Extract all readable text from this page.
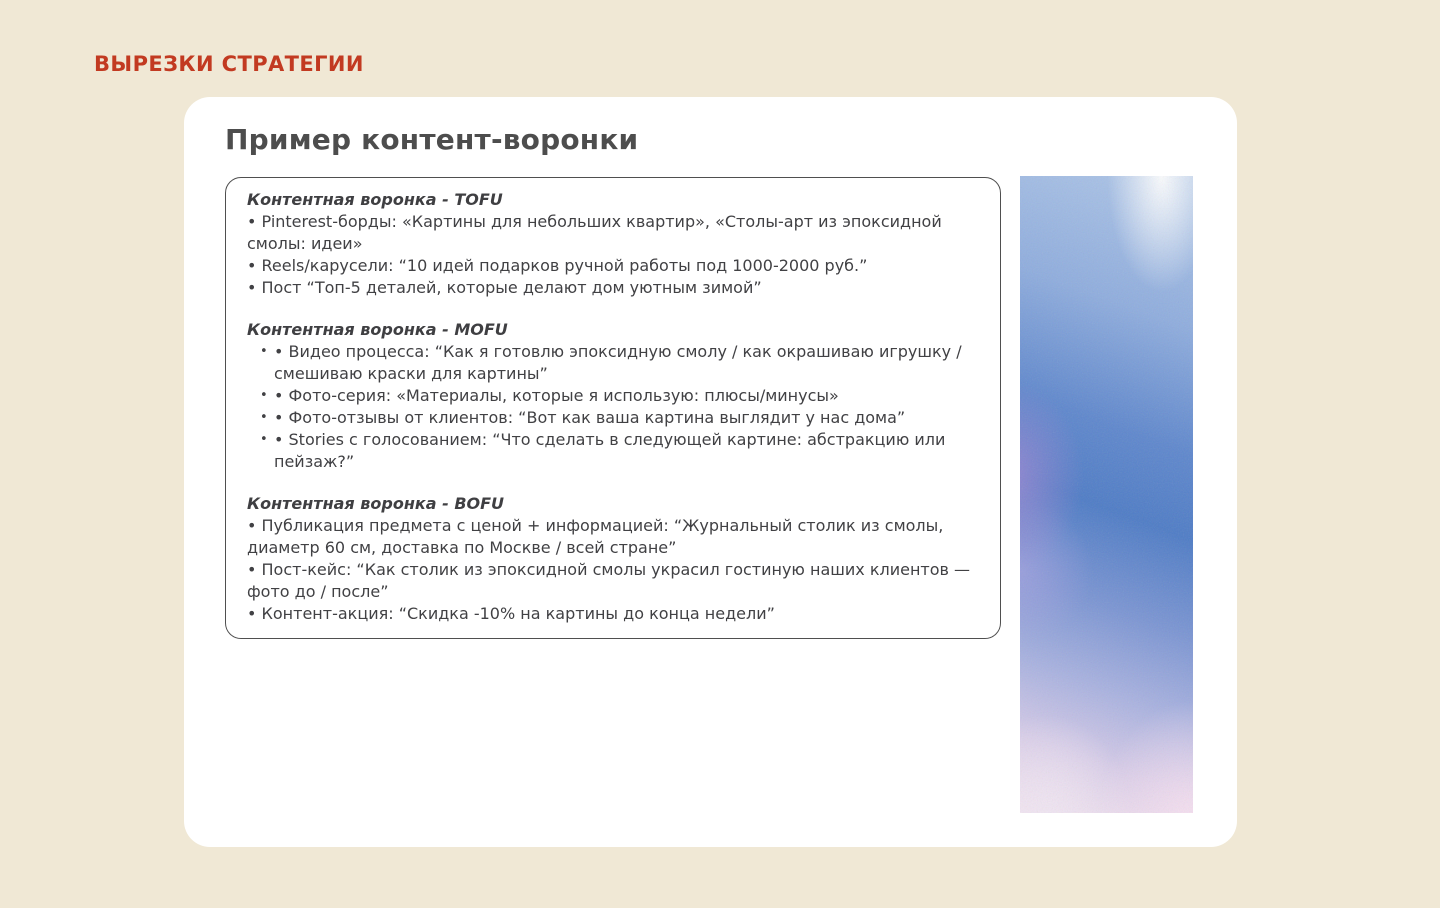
ВЫРЕЗКИ СТРАТЕГИИ
Пример контент-воронки
Контентная воронка - TOFU
• Pinterest-борды: «Картины для небольших квартир», «Столы-арт из эпоксидной смолы: идеи»
• Reels/карусели: “10 идей подарков ручной работы под 1000-2000 руб.”
• Пост “Топ-5 деталей, которые делают дом уютным зимой”
Контентная воронка - MOFU
• • Видео процесса: “Как я готовлю эпоксидную смолу / как окрашиваю игрушку / смешиваю краски для картины”
• • Фото-серия: «Материалы, которые я использую: плюсы/минусы»
• • Фото-отзывы от клиентов: “Вот как ваша картина выглядит у нас дома”
• • Stories с голосованием: “Что сделать в следующей картине: абстракцию или пейзаж?”
Контентная воронка - BOFU
• Публикация предмета с ценой + информацией: “Журнальный столик из смолы, диаметр 60 см, доставка по Москве / всей стране”
• Пост-кейс: “Как столик из эпоксидной смолы украсил гостиную наших клиентов — фото до / после”
• Контент-акция: “Скидка -10% на картины до конца недели”
